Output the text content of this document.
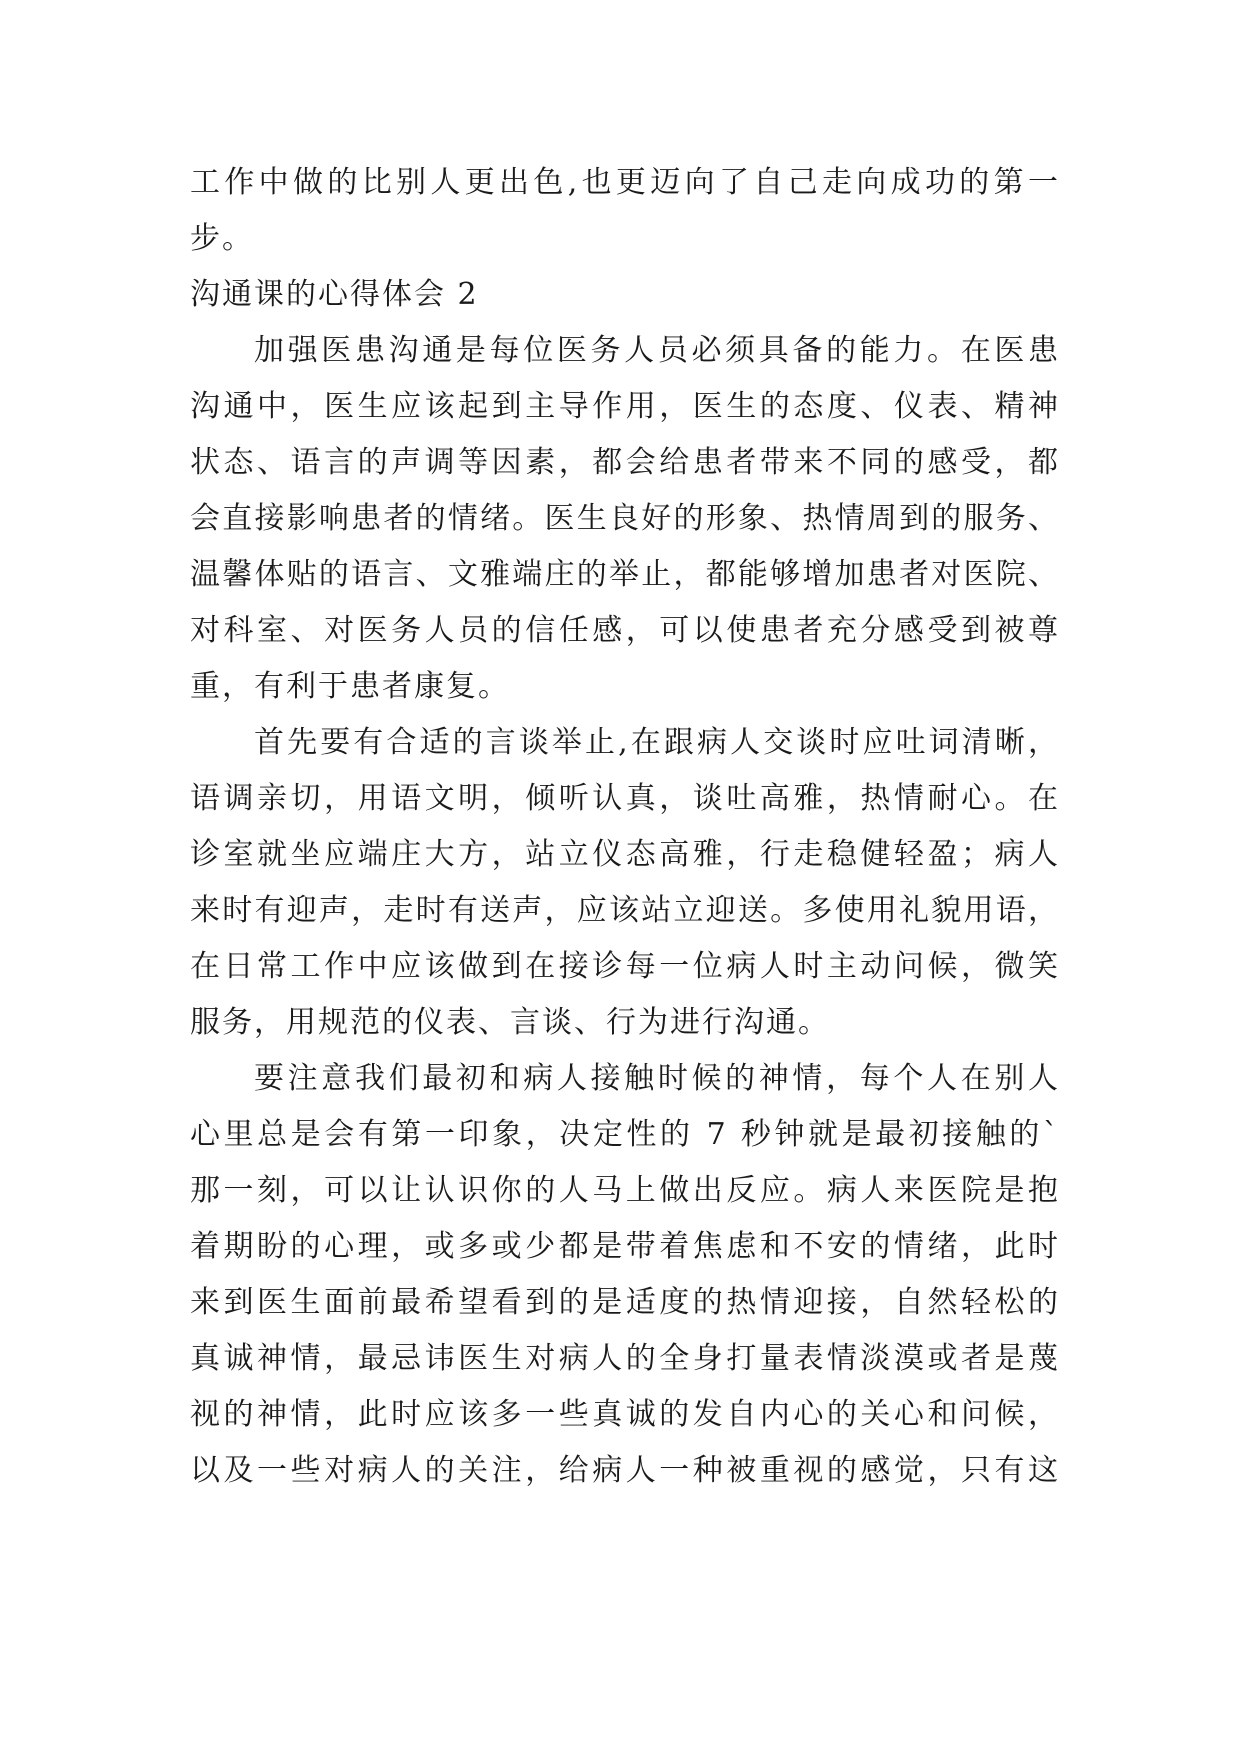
工作中做的比别人更出色,也更迈向了自己走向成功的第一
步。
沟通课的心得体会 2
加强医患沟通是每位医务人员必须具备的能力。在医患
沟通中，医生应该起到主导作用，医生的态度、仪表、精神
状态、语言的声调等因素，都会给患者带来不同的感受，都
会直接影响患者的情绪。医生良好的形象、热情周到的服务、
温馨体贴的语言、文雅端庄的举止，都能够增加患者对医院、
对科室、对医务人员的信任感，可以使患者充分感受到被尊
重，有利于患者康复。
首先要有合适的言谈举止,在跟病人交谈时应吐词清晰，
语调亲切，用语文明，倾听认真，谈吐高雅，热情耐心。在
诊室就坐应端庄大方，站立仪态高雅，行走稳健轻盈；病人
来时有迎声，走时有送声，应该站立迎送。多使用礼貌用语，
在日常工作中应该做到在接诊每一位病人时主动问候，微笑
服务，用规范的仪表、言谈、行为进行沟通。
要注意我们最初和病人接触时候的神情，每个人在别人
心里总是会有第一印象，决定性的 7 秒钟就是最初接触的`
那一刻，可以让认识你的人马上做出反应。病人来医院是抱
着期盼的心理，或多或少都是带着焦虑和不安的情绪，此时
来到医生面前最希望看到的是适度的热情迎接，自然轻松的
真诚神情，最忌讳医生对病人的全身打量表情淡漠或者是蔑
视的神情，此时应该多一些真诚的发自内心的关心和问候，
以及一些对病人的关注，给病人一种被重视的感觉，只有这
